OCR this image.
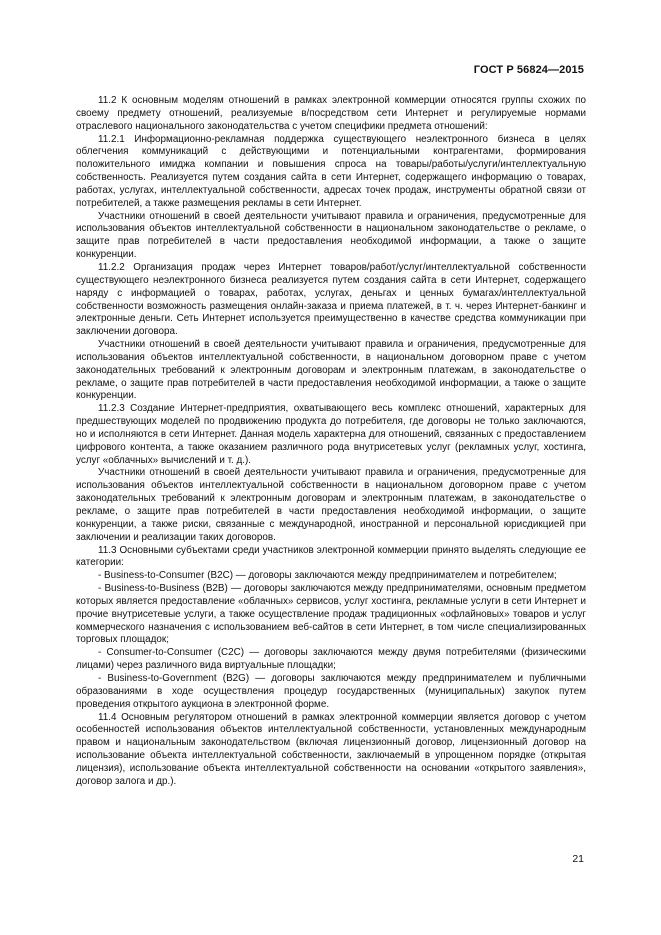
ГОСТ Р 56824—2015

11.2 К основным моделям отношений в рамках электронной коммерции относятся группы схожих по своему предмету отношений, реализуемые в/посредством сети Интернет и регулируемые нормами отраслевого национального законодательства с учетом специфики предмета отношений:

11.2.1 Информационно-рекламная поддержка существующего неэлектронного бизнеса в целях облегчения коммуникаций с действующими и потенциальными контрагентами, формирования положительного имиджа компании и повышения спроса на товары/работы/услуги/интеллектуальную собственность. Реализуется путем создания сайта в сети Интернет, содержащего информацию о товарах, работах, услугах, интеллектуальной собственности, адресах точек продаж, инструменты обратной связи от потребителей, а также размещения рекламы в сети Интернет.

Участники отношений в своей деятельности учитывают правила и ограничения, предусмотренные для использования объектов интеллектуальной собственности в национальном законодательстве о рекламе, о защите прав потребителей в части предоставления необходимой информации, а также о защите конкуренции.

11.2.2 Организация продаж через Интернет товаров/работ/услуг/интеллектуальной собственности существующего неэлектронного бизнеса реализуется путем создания сайта в сети Интернет, содержащего наряду с информацией о товарах, работах, услугах, деньгах и ценных бумагах/интеллектуальной собственности возможность размещения онлайн-заказа и приема платежей, в т. ч. через Интернет-банкинг и электронные деньги. Сеть Интернет используется преимущественно в качестве средства коммуникации при заключении договора.

Участники отношений в своей деятельности учитывают правила и ограничения, предусмотренные для использования объектов интеллектуальной собственности, в национальном договорном праве с учетом законодательных требований к электронным договорам и электронным платежам, в законодательстве о рекламе, о защите прав потребителей в части предоставления необходимой информации, а также о защите конкуренции.

11.2.3 Создание Интернет-предприятия, охватывающего весь комплекс отношений, характерных для предшествующих моделей по продвижению продукта до потребителя, где договоры не только заключаются, но и исполняются в сети Интернет. Данная модель характерна для отношений, связанных с предоставлением цифрового контента, а также оказанием различного рода внутрисетевых услуг (рекламных услуг, хостинга, услуг «облачных» вычислений и т. д.).

Участники отношений в своей деятельности учитывают правила и ограничения, предусмотренные для использования объектов интеллектуальной собственности в национальном договорном праве с учетом законодательных требований к электронным договорам и электронным платежам, в законодательстве о рекламе, о защите прав потребителей в части предоставления необходимой информации, о защите конкуренции, а также риски, связанные с международной, иностранной и персональной юрисдикцией при заключении и реализации таких договоров.

11.3 Основными субъектами среди участников электронной коммерции принято выделять следующие ее категории:

- Business-to-Consumer (B2C) — договоры заключаются между предпринимателем и потребителем;

- Business-to-Business (B2B) — договоры заключаются между предпринимателями, основным предметом которых является предоставление «облачных» сервисов, услуг хостинга, рекламные услуги в сети Интернет и прочие внутрисетевые услуги, а также осуществление продаж традиционных «офлайновых» товаров и услуг коммерческого назначения с использованием веб-сайтов в сети Интернет, в том числе специализированных торговых площадок;

- Consumer-to-Consumer (C2C) — договоры заключаются между двумя потребителями (физическими лицами) через различного вида виртуальные площадки;

- Business-to-Government (B2G) — договоры заключаются между предпринимателем и публичными образованиями в ходе осуществления процедур государственных (муниципальных) закупок путем проведения открытого аукциона в электронной форме.

11.4 Основным регулятором отношений в рамках электронной коммерции является договор с учетом особенностей использования объектов интеллектуальной собственности, установленных международным правом и национальным законодательством (включая лицензионный договор, лицензионный договор на использование объекта интеллектуальной собственности, заключаемый в упрощенном порядке (открытая лицензия), использование объекта интеллектуальной собственности на основании «открытого заявления», договор залога и др.).

21
